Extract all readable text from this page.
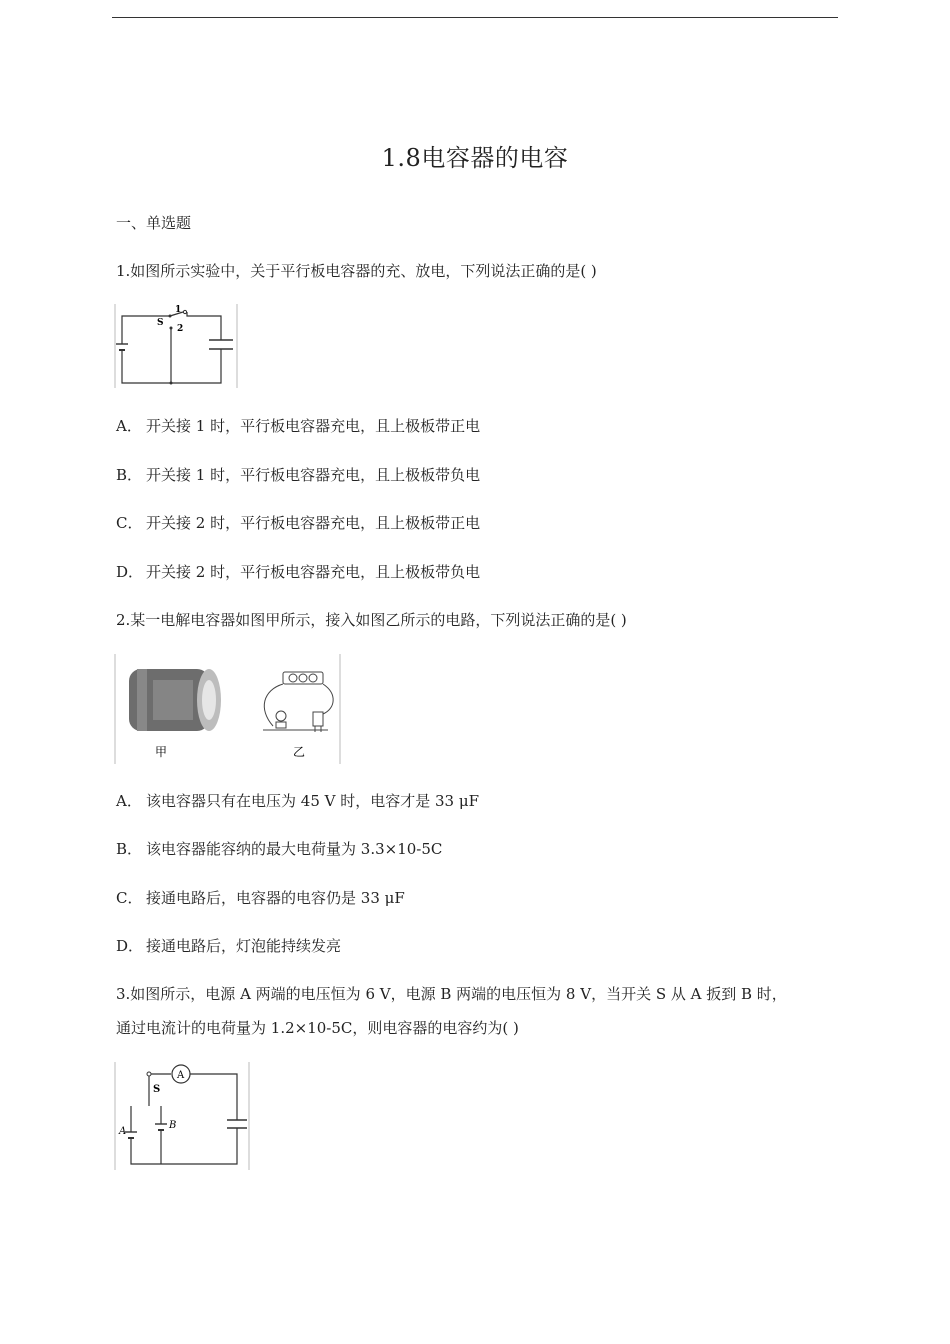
1.8电容器的电容
一、单选题
1.如图所示实验中，关于平行板电容器的充、放电，下列说法正确的是( )
S
1
2
A． 开关接 1 时，平行板电容器充电，且上极板带正电
B． 开关接 1 时，平行板电容器充电，且上极板带负电
C． 开关接 2 时，平行板电容器充电，且上极板带正电
D． 开关接 2 时，平行板电容器充电，且上极板带负电
2.某一电解电容器如图甲所示，接入如图乙所示的电路，下列说法正确的是( )
甲	乙
A． 该电容器只有在电压为 45 V 时，电容才是 33 μF
B． 该电容器能容纳的最大电荷量为 3.3×10-5C
C． 接通电路后，电容器的电容仍是 33 μF
D． 接通电路后，灯泡能持续发亮
3.如图所示，电源 A 两端的电压恒为 6 V，电源 B 两端的电压恒为 8 V，当开关 S 从 A 扳到 B 时，
通过电流计的电荷量为 1.2×10-5C，则电容器的电容约为( )
A
S
A
B
